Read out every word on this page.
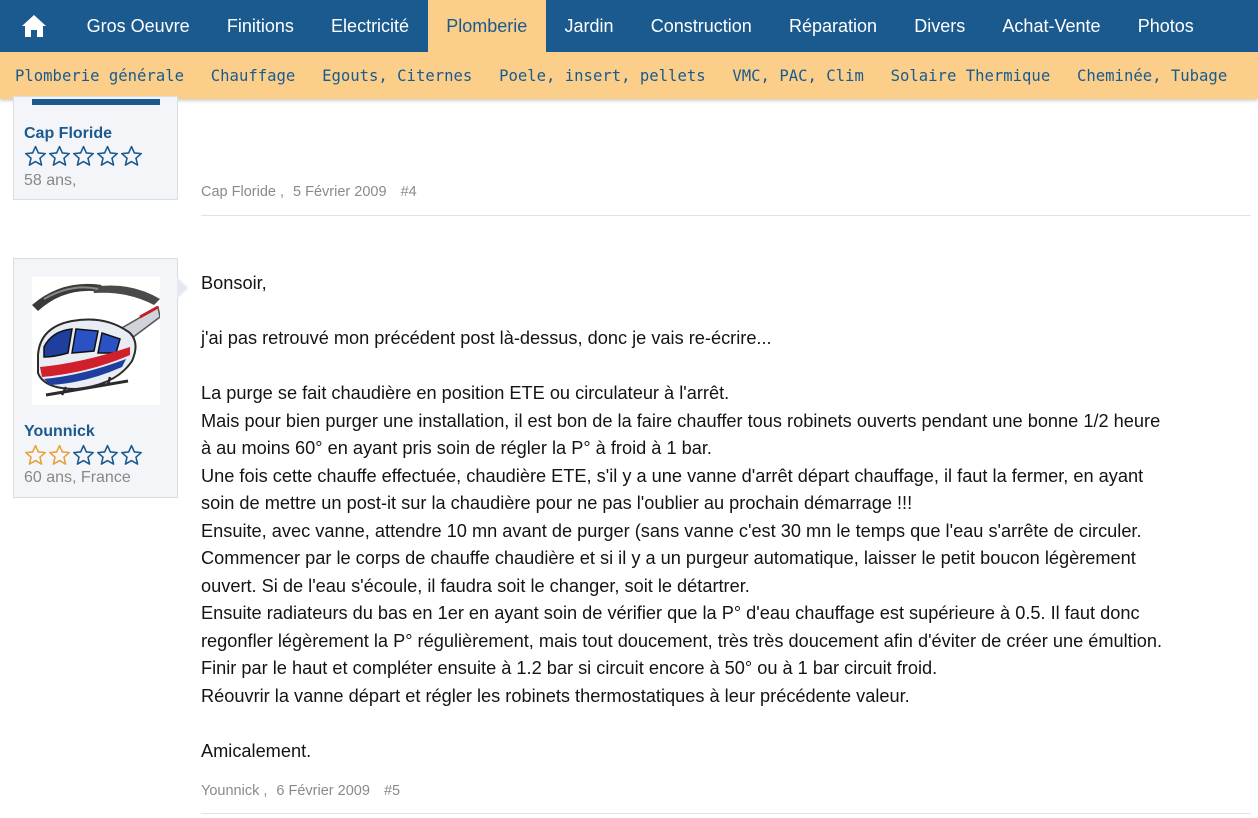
Gros Oeuvre	Finitions	Electricité	Plomberie	Jardin	Construction	Réparation	Divers	Achat-Vente	Photos
Plomberie générale	Chauffage	Egouts, Citernes	Poele, insert, pellets	VMC, PAC, Clim	Solaire Thermique	Cheminée, Tubage
Cap Floride
58 ans,
Cap Floride , 5 Février 2009 #4
Younnick
60 ans, France

Bonsoir,

j'ai pas retrouvé mon précédent post là-dessus, donc je vais re-écrire...

La purge se fait chaudière en position ETE ou circulateur à l'arrêt.

Mais pour bien purger une installation, il est bon de la faire chauffer tous robinets ouverts pendant une bonne 1/2 heure

à au moins 60° en ayant pris soin de régler la P° à froid à 1 bar.

Une fois cette chauffe effectuée, chaudière ETE, s'il y a une vanne d'arrêt départ chauffage, il faut la fermer, en ayant

soin de mettre un post-it sur la chaudière pour ne pas l'oublier au prochain démarrage !!!

Ensuite, avec vanne, attendre 10 mn avant de purger (sans vanne c'est 30 mn le temps que l'eau s'arrête de circuler.

Commencer par le corps de chauffe chaudière et si il y a un purgeur automatique, laisser le petit boucon légèrement

ouvert. Si de l'eau s'écoule, il faudra soit le changer, soit le détartrer.

Ensuite radiateurs du bas en 1er en ayant soin de vérifier que la P° d'eau chauffage est supérieure à 0.5. Il faut donc

regonfler légèrement la P° régulièrement, mais tout doucement, très très doucement afin d'éviter de créer une émultion.

Finir par le haut et compléter ensuite à 1.2 bar si circuit encore à 50° ou à 1 bar circuit froid.

Réouvrir la vanne départ et régler les robinets thermostatiques à leur précédente valeur.

Amicalement.

Younnick , 6 Février 2009 #5
